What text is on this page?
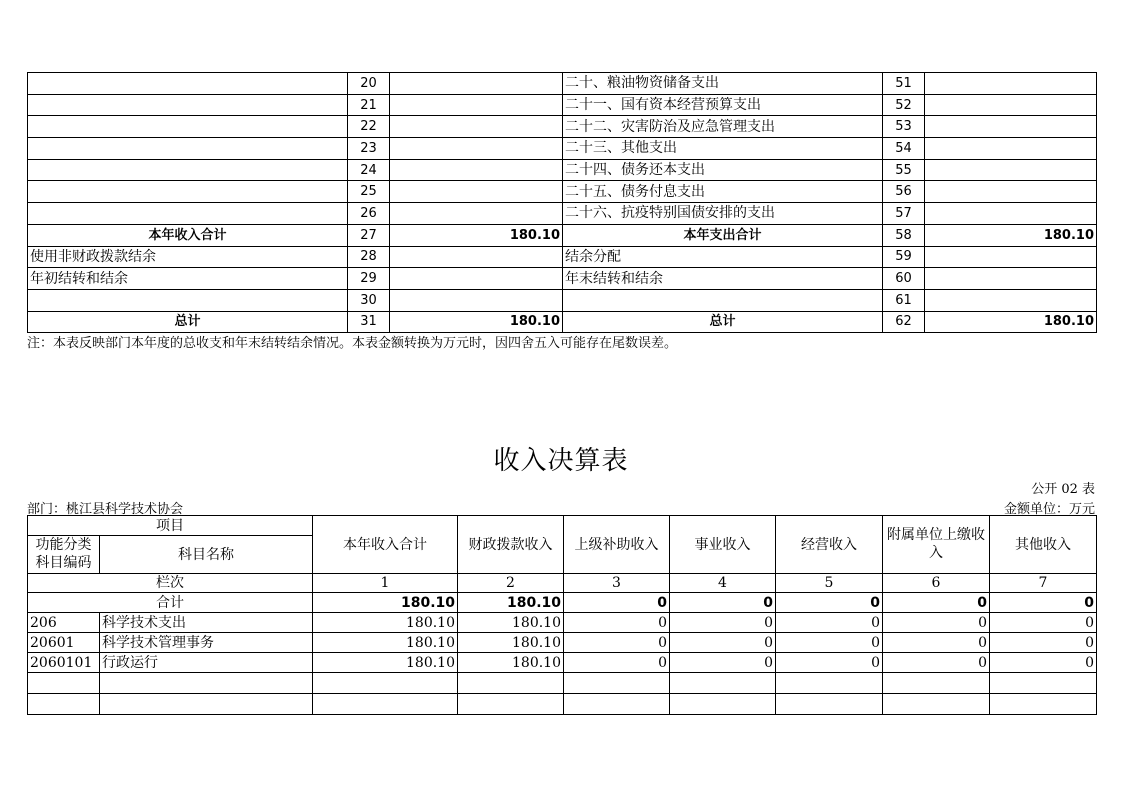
	20		二十、粮油物资储备支出	51	
	21		二十一、国有资本经营预算支出	52	
	22		二十二、灾害防治及应急管理支出	53	
	23		二十三、其他支出	54	
	24		二十四、债务还本支出	55	
	25		二十五、债务付息支出	56	
	26		二十六、抗疫特别国债安排的支出	57	
本年收入合计	27	180.10	本年支出合计	58	180.10
使用非财政拨款结余	28		结余分配	59	
年初结转和结余	29		年末结转和结余	60	
	30			61	
总计	31	180.10	总计	62	180.10
注：本表反映部门本年度的总收支和年末结转结余情况。本表金额转换为万元时，因四舍五入可能存在尾数误差。
收入决算表
公开 02 表
部门：桃江县科学技术协会	金额单位：万元
项目		本年收入合计	财政拨款收入	上级补助收入	事业收入	经营收入	附属单位上缴收入	其他收入
功能分类科目编码	科目名称							
栏次		1	2	3	4	5	6	7
合计		180.10	180.10	0	0	0	0	0
206	科学技术支出	180.10	180.10	0	0	0	0	0
20601	科学技术管理事务	180.10	180.10	0	0	0	0	0
2060101	行政运行	180.10	180.10	0	0	0	0	0
